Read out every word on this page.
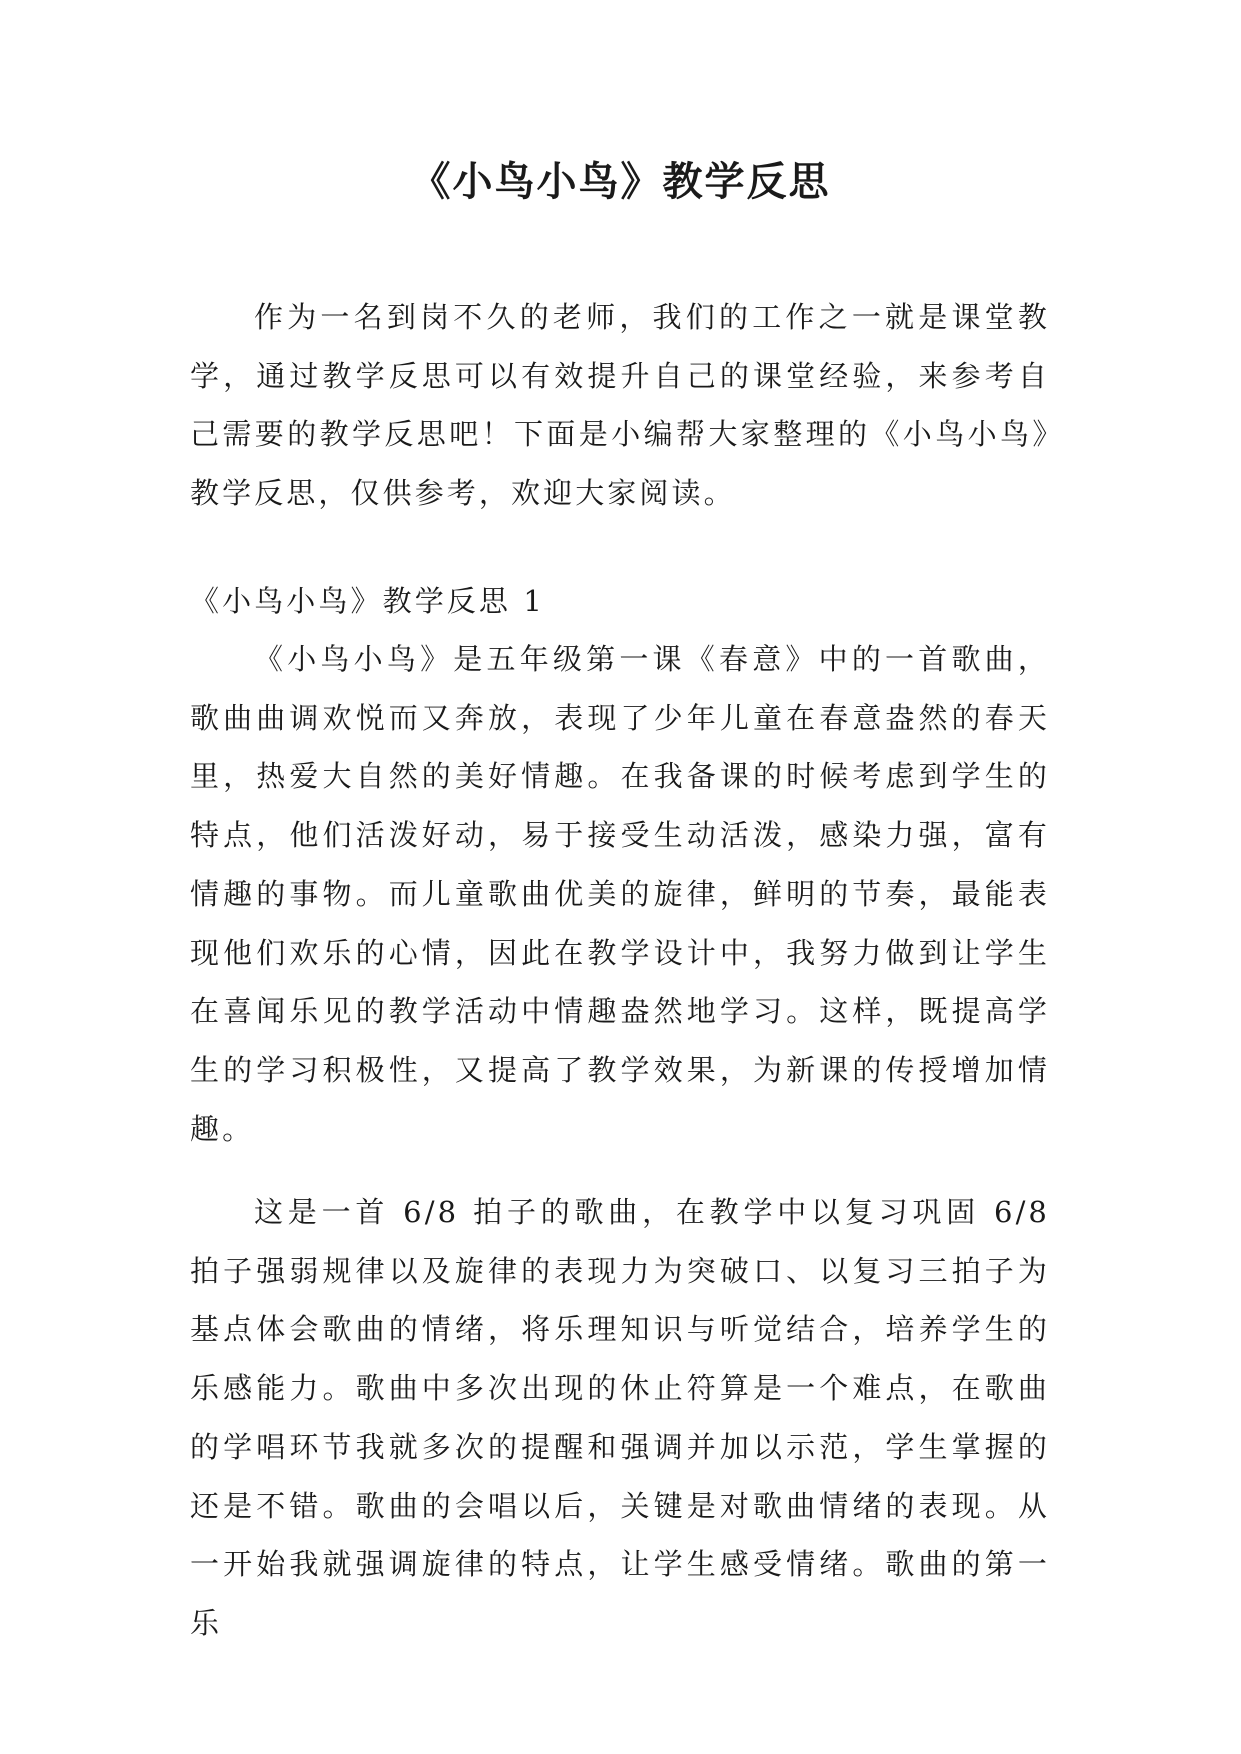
《小鸟小鸟》教学反思

作为一名到岗不久的老师，我们的工作之一就是课堂教学，通过教学反思可以有效提升自己的课堂经验，来参考自己需要的教学反思吧！下面是小编帮大家整理的《小鸟小鸟》教学反思，仅供参考，欢迎大家阅读。

《小鸟小鸟》教学反思 1

《小鸟小鸟》是五年级第一课《春意》中的一首歌曲，歌曲曲调欢悦而又奔放，表现了少年儿童在春意盎然的春天里，热爱大自然的美好情趣。在我备课的时候考虑到学生的特点，他们活泼好动，易于接受生动活泼，感染力强，富有情趣的事物。而儿童歌曲优美的旋律，鲜明的节奏，最能表现他们欢乐的心情，因此在教学设计中，我努力做到让学生在喜闻乐见的教学活动中情趣盎然地学习。这样，既提高学生的学习积极性，又提高了教学效果，为新课的传授增加情趣。

这是一首 6/8 拍子的歌曲，在教学中以复习巩固 6/8 拍子强弱规律以及旋律的表现力为突破口、以复习三拍子为基点体会歌曲的情绪，将乐理知识与听觉结合，培养学生的乐感能力。歌曲中多次出现的休止符算是一个难点，在歌曲的学唱环节我就多次的提醒和强调并加以示范，学生掌握的还是不错。歌曲的会唱以后，关键是对歌曲情绪的表现。从一开始我就强调旋律的特点，让学生感受情绪。歌曲的第一乐
